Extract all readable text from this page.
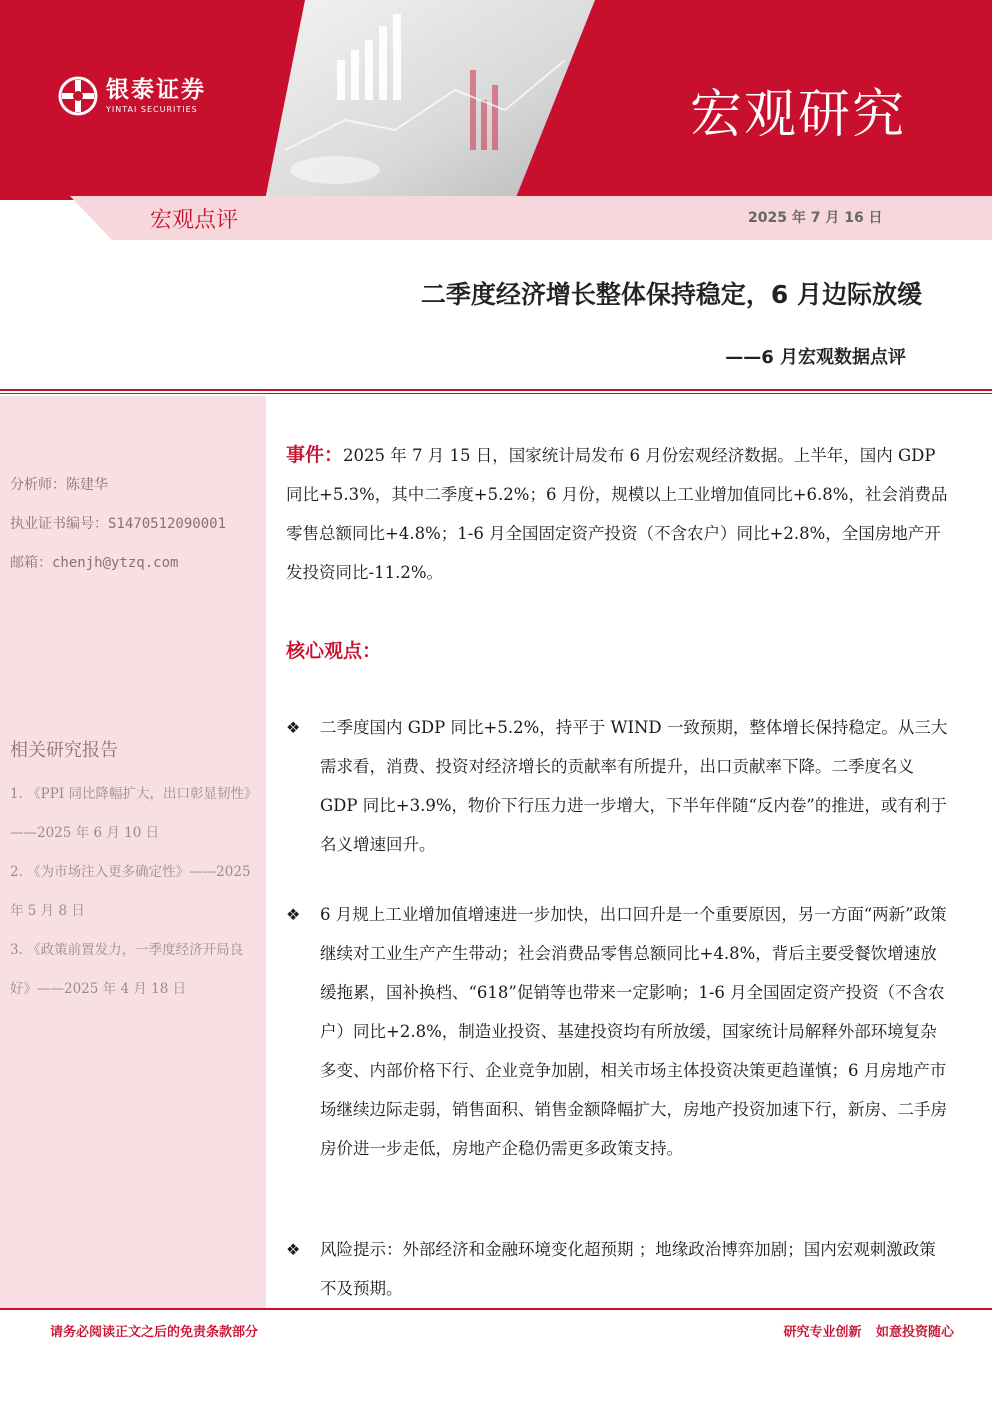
银泰证券
YINTAI SECURITIES	宏观研究
宏观点评	2025 年 7 月 16 日
二季度经济增长整体保持稳定，6 月边际放缓
——6 月宏观数据点评
分析师：陈建华
执业证书编号：S1470512090001
邮箱：chenjh@ytzq.com
相关研究报告
1. 《PPI 同比降幅扩大，出口彰显韧性》——2025 年 6 月 10 日
2. 《为市场注入更多确定性》——2025 年 5 月 8 日
3. 《政策前置发力，一季度经济开局良好》——2025 年 4 月 18 日
事件：2025 年 7 月 15 日，国家统计局发布 6 月份宏观经济数据。上半年，国内 GDP 同比+5.3%，其中二季度+5.2%；6 月份，规模以上工业增加值同比+6.8%，社会消费品零售总额同比+4.8%；1-6 月全国固定资产投资（不含农户）同比+2.8%，全国房地产开发投资同比-11.2%。
核心观点：
❖	二季度国内 GDP 同比+5.2%，持平于 WIND 一致预期，整体增长保持稳定。从三大需求看，消费、投资对经济增长的贡献率有所提升，出口贡献率下降。二季度名义 GDP 同比+3.9%，物价下行压力进一步增大，下半年伴随“反内卷”的推进，或有利于名义增速回升。
❖	6 月规上工业增加值增速进一步加快，出口回升是一个重要原因，另一方面“两新”政策继续对工业生产产生带动；社会消费品零售总额同比+4.8%，背后主要受餐饮增速放缓拖累，国补换档、“618”促销等也带来一定影响；1-6 月全国固定资产投资（不含农户）同比+2.8%，制造业投资、基建投资均有所放缓，国家统计局解释外部环境复杂多变、内部价格下行、企业竞争加剧，相关市场主体投资决策更趋谨慎；6 月房地产市场继续边际走弱，销售面积、销售金额降幅扩大，房地产投资加速下行，新房、二手房房价进一步走低，房地产企稳仍需更多政策支持。
❖	风险提示：外部经济和金融环境变化超预期 ；地缘政治博弈加剧；国内宏观刺激政策不及预期。
请务必阅读正文之后的免责条款部分	研究专业创新 如意投资随心
